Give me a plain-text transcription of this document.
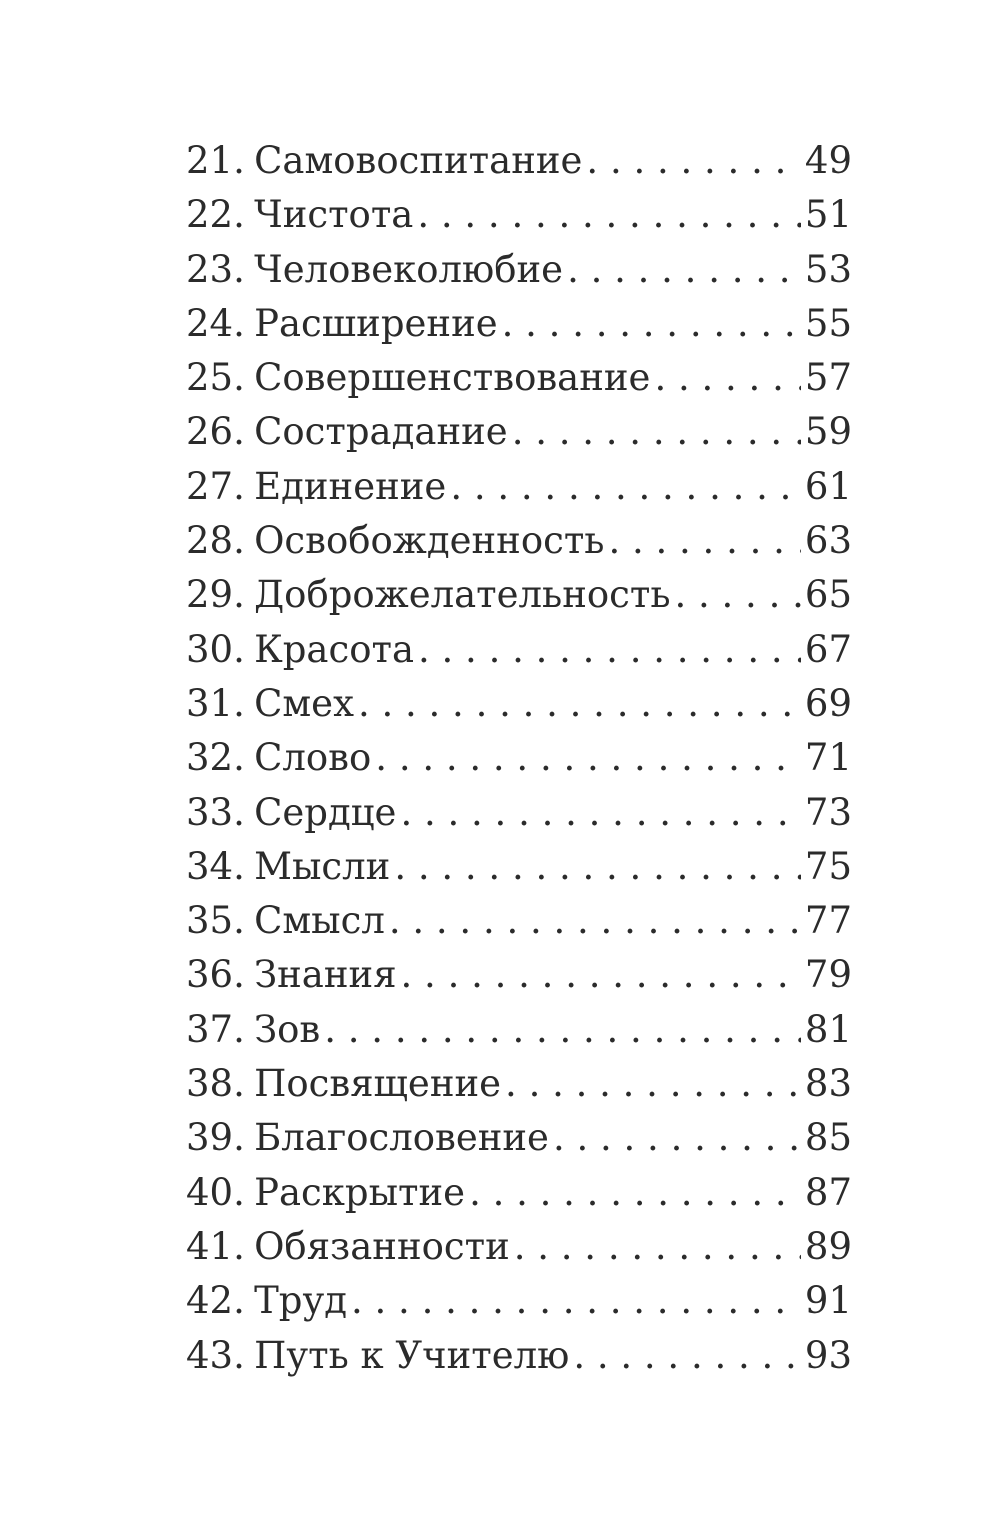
21. Самовоспитание . . .	49
22. Чистота . . .	51
23. Человеколюбие . . .	53
24. Расширение . . .	55
25. Совершенствование . . .	57
26. Сострадание . . .	59
27. Единение . . .	61
28. Освобожденность . . .	63
29. Доброжелательность . . .	65
30. Красота . . .	67
31. Смех . . .	69
32. Слово . . .	71
33. Сердце . . .	73
34. Мысли . . .	75
35. Смысл . . .	77
36. Знания . . .	79
37. Зов . . .	81
38. Посвящение . . .	83
39. Благословение . . .	85
40. Раскрытие . . .	87
41. Обязанности . . .	89
42. Труд . . .	91
43. Путь к Учителю . . .	93
